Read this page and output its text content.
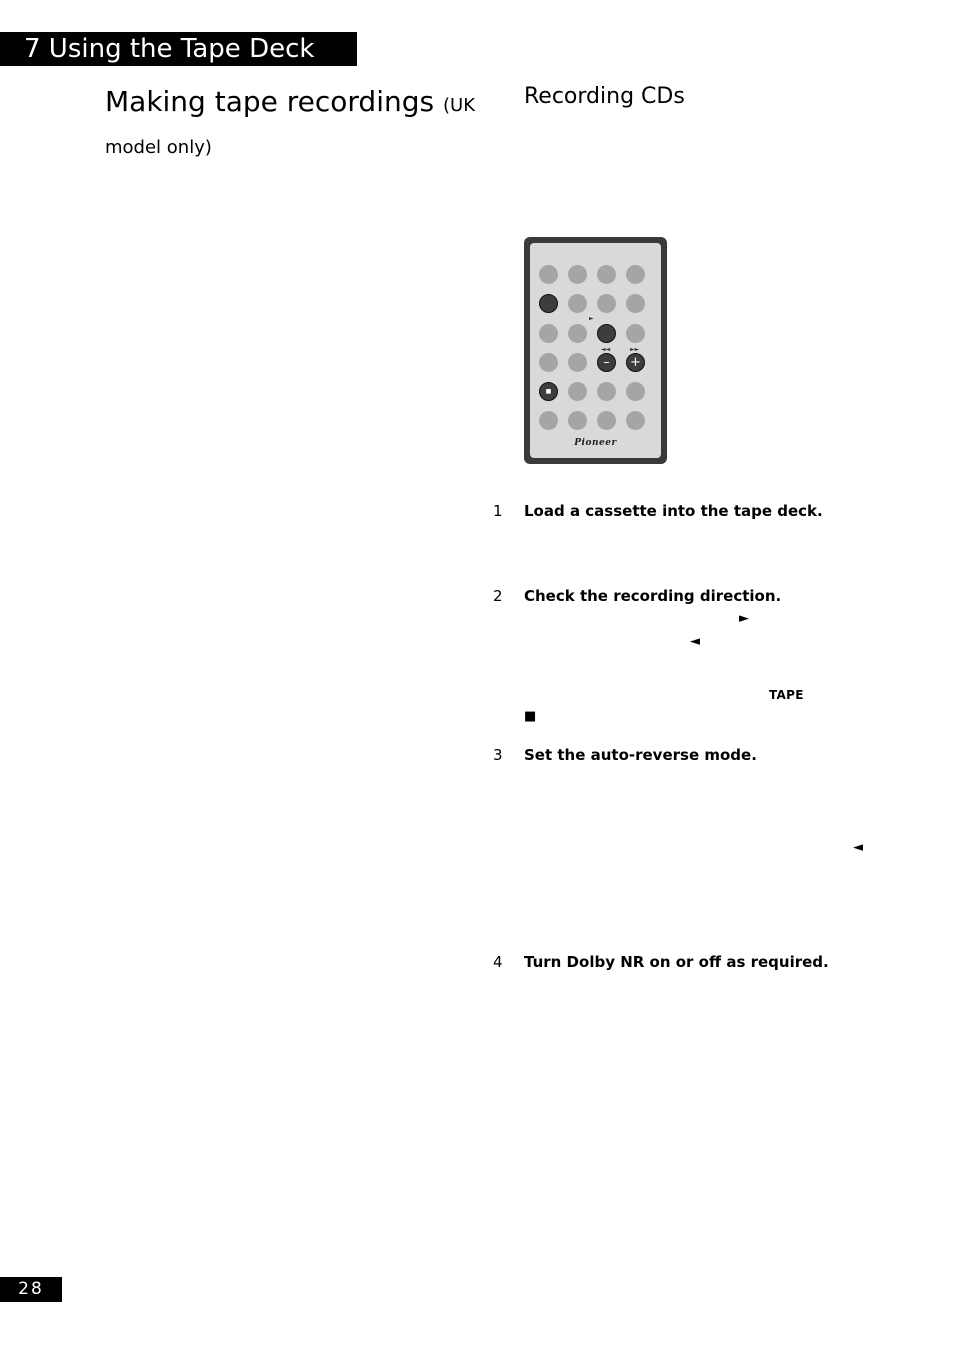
7 Using the Tape Deck
Making tape recordings (UK
model only)
Recording CDs
►
◄◄	►►
–	+
■
Pioneer
1 Load a cassette into the tape deck.
2 Check the recording direction.
►
◄
TAPE
■
3 Set the auto-reverse mode.
◄
4 Turn Dolby NR on or off as required.
28
